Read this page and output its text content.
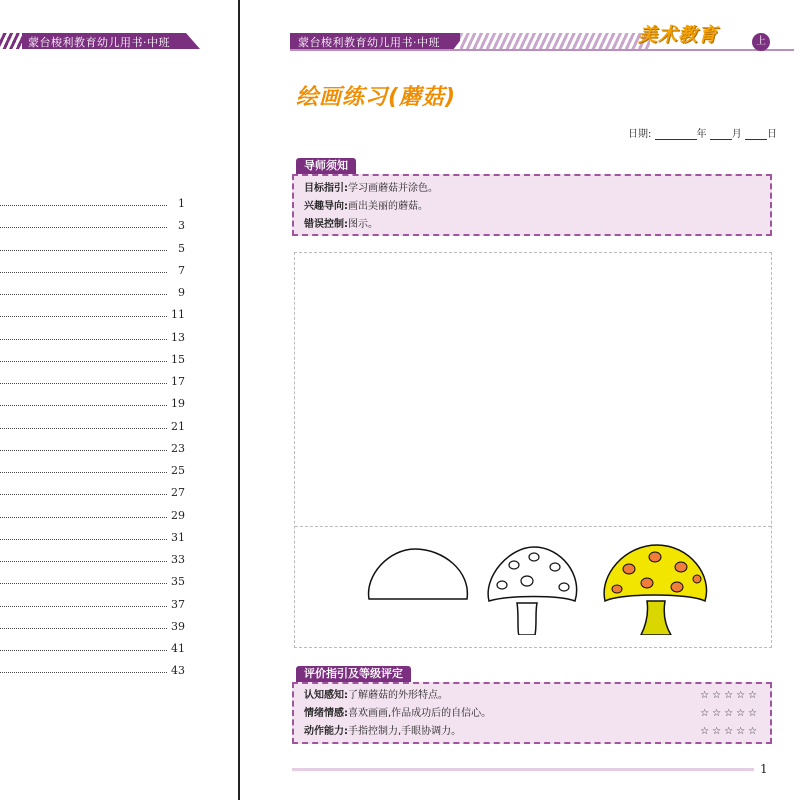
蒙台梭利教育幼儿用书·中班
1
3
5
7
9
11
13
15
17
19
21
23
25
27
29
31
33
35
37
39
41
43
蒙台梭利教育幼儿用书·中班	美术教育	上
绘画练习(蘑菇)
日期:	年	月	日
导师须知
目标指引:学习画蘑菇并涂色。
兴趣导向:画出美丽的蘑菇。
错误控制:图示。
评价指引及等级评定
认知感知:了解蘑菇的外形特点。	☆☆☆☆☆
情绪情感:喜欢画画,作品成功后的自信心。	☆☆☆☆☆
动作能力:手指控制力,手眼协调力。	☆☆☆☆☆
1
